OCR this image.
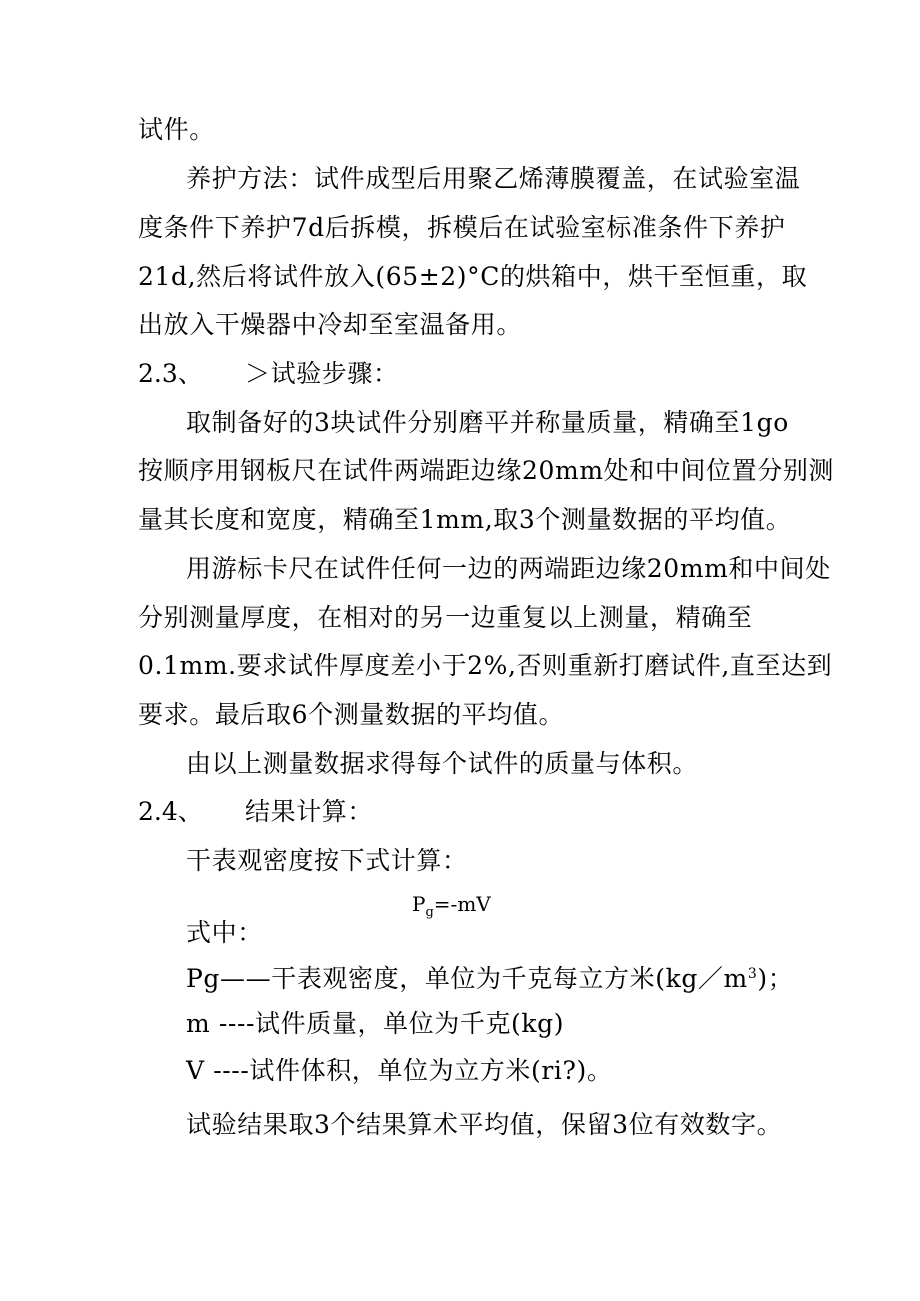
试件。
养护方法：试件成型后用聚乙烯薄膜覆盖，在试验室温
度条件下养护7d后拆模，拆模后在试验室标准条件下养护
21d,然后将试件放入(65±2)°C的烘箱中，烘干至恒重，取
出放入干燥器中冷却至室温备用。
2.3、 ＞试验步骤：
取制备好的3块试件分别磨平并称量质量，精确至1go
按顺序用钢板尺在试件两端距边缘20mm处和中间位置分别测
量其长度和宽度，精确至1mm,取3个测量数据的平均值。
用游标卡尺在试件任何一边的两端距边缘20mm和中间处
分别测量厚度，在相对的另一边重复以上测量，精确至
0.1mm.要求试件厚度差小于2%,否则重新打磨试件,直至达到
要求。最后取6个测量数据的平均值。
由以上测量数据求得每个试件的质量与体积。
2.4、 结果计算：
干表观密度按下式计算：
$P_g=-mV$
式中：
Pg——干表观密度，单位为千克每立方米$(kg/m^3)$；
m ----试件质量，单位为千克(kg)
V ----试件体积，单位为立方米(ri?)。
试验结果取3个结果算术平均值，保留3位有效数字。
